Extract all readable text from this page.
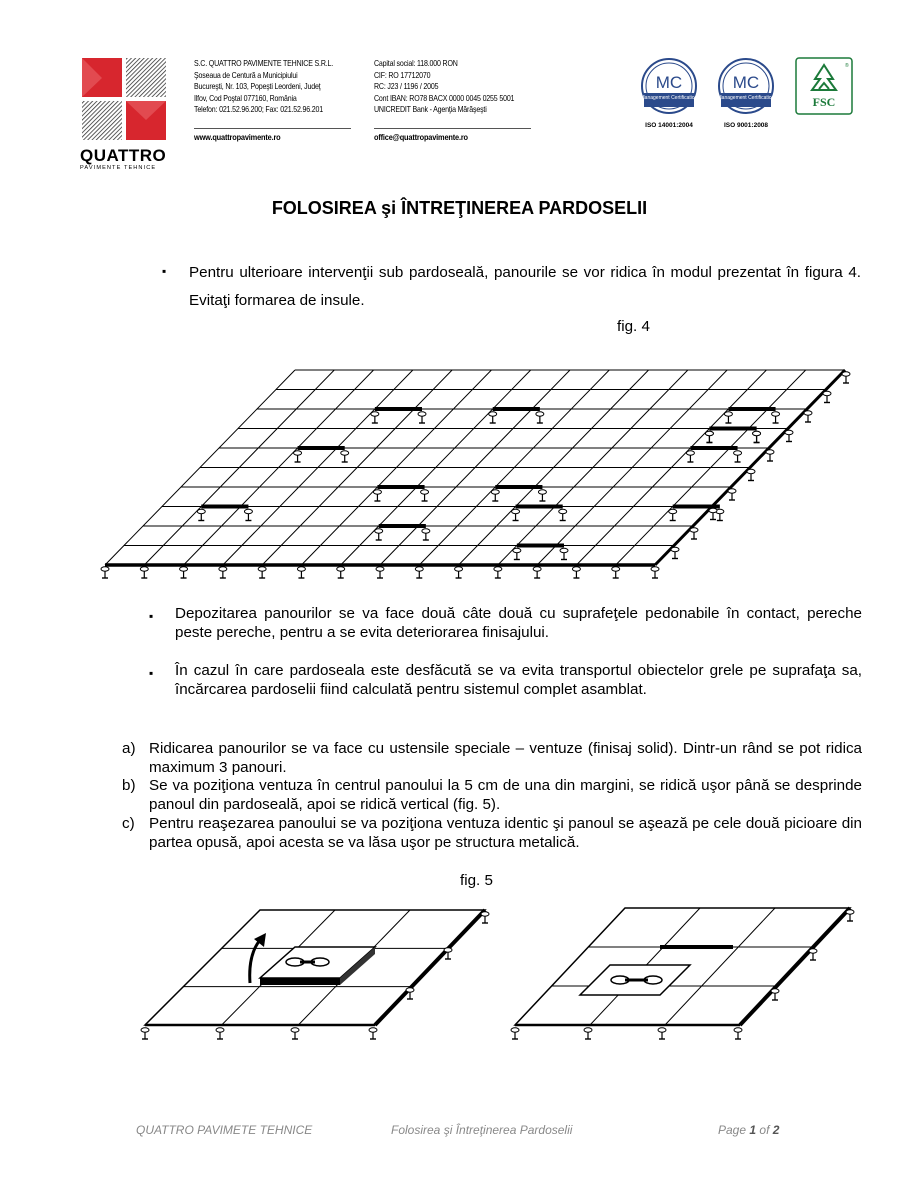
QUATTRO
PAVIMENTE TEHNICE
S.C. QUATTRO PAVIMENTE TEHNICE S.R.L.
Şoseaua de Centură a Municipiului
Bucureşti, Nr. 103, Popeşti Leordeni, Judeţ
Ilfov, Cod Poştal 077160, România
Telefon: 021.52.96.200; Fax: 021.52.96.201
www.quattropavimente.ro
Capital social: 118.000 RON
CIF: RO 17712070
RC: J23 / 1196 / 2005
Cont IBAN: RO78 BACX 0000 0045 0255 5001
UNICREDIT Bank - Agenţia Mărăşeşti
office@quattropavimente.ro
MC
Management Certification
ISO 14001:2004
MC
Management Certification
ISO 9001:2008
FSC
®
FOLOSIREA şi ÎNTREŢINEREA PARDOSELII
▪ Pentru ulterioare intervenţii sub pardoseală, panourile se vor ridica în modul prezentat în figura 4. Evitaţi formarea de insule.
fig. 4
▪ Depozitarea panourilor se va face două câte două cu suprafeţele pedonabile în contact, pereche peste pereche, pentru a se evita deteriorarea finisajului.
▪ În cazul în care pardoseala este desfăcută se va evita transportul obiectelor grele pe suprafaţa sa, încărcarea pardoselii fiind calculată pentru sistemul complet asamblat.
a) Ridicarea panourilor se va face cu ustensile speciale – ventuze (finisaj solid). Dintr-un rând se pot ridica maximum 3 panouri.
b) Se va poziţiona ventuza în centrul panoului la 5 cm de una din margini, se ridică uşor până se desprinde panoul din pardoseală, apoi se ridică vertical (fig. 5).
c) Pentru reaşezarea panoului se va poziţiona ventuza identic şi panoul se aşează pe cele două picioare din partea opusă, apoi acesta se va lăsa uşor pe structura metalică.
fig. 5
QUATTRO PAVIMETE TEHNICE	Folosirea şi Întreţinerea Pardoselii	Page 1 of 2
